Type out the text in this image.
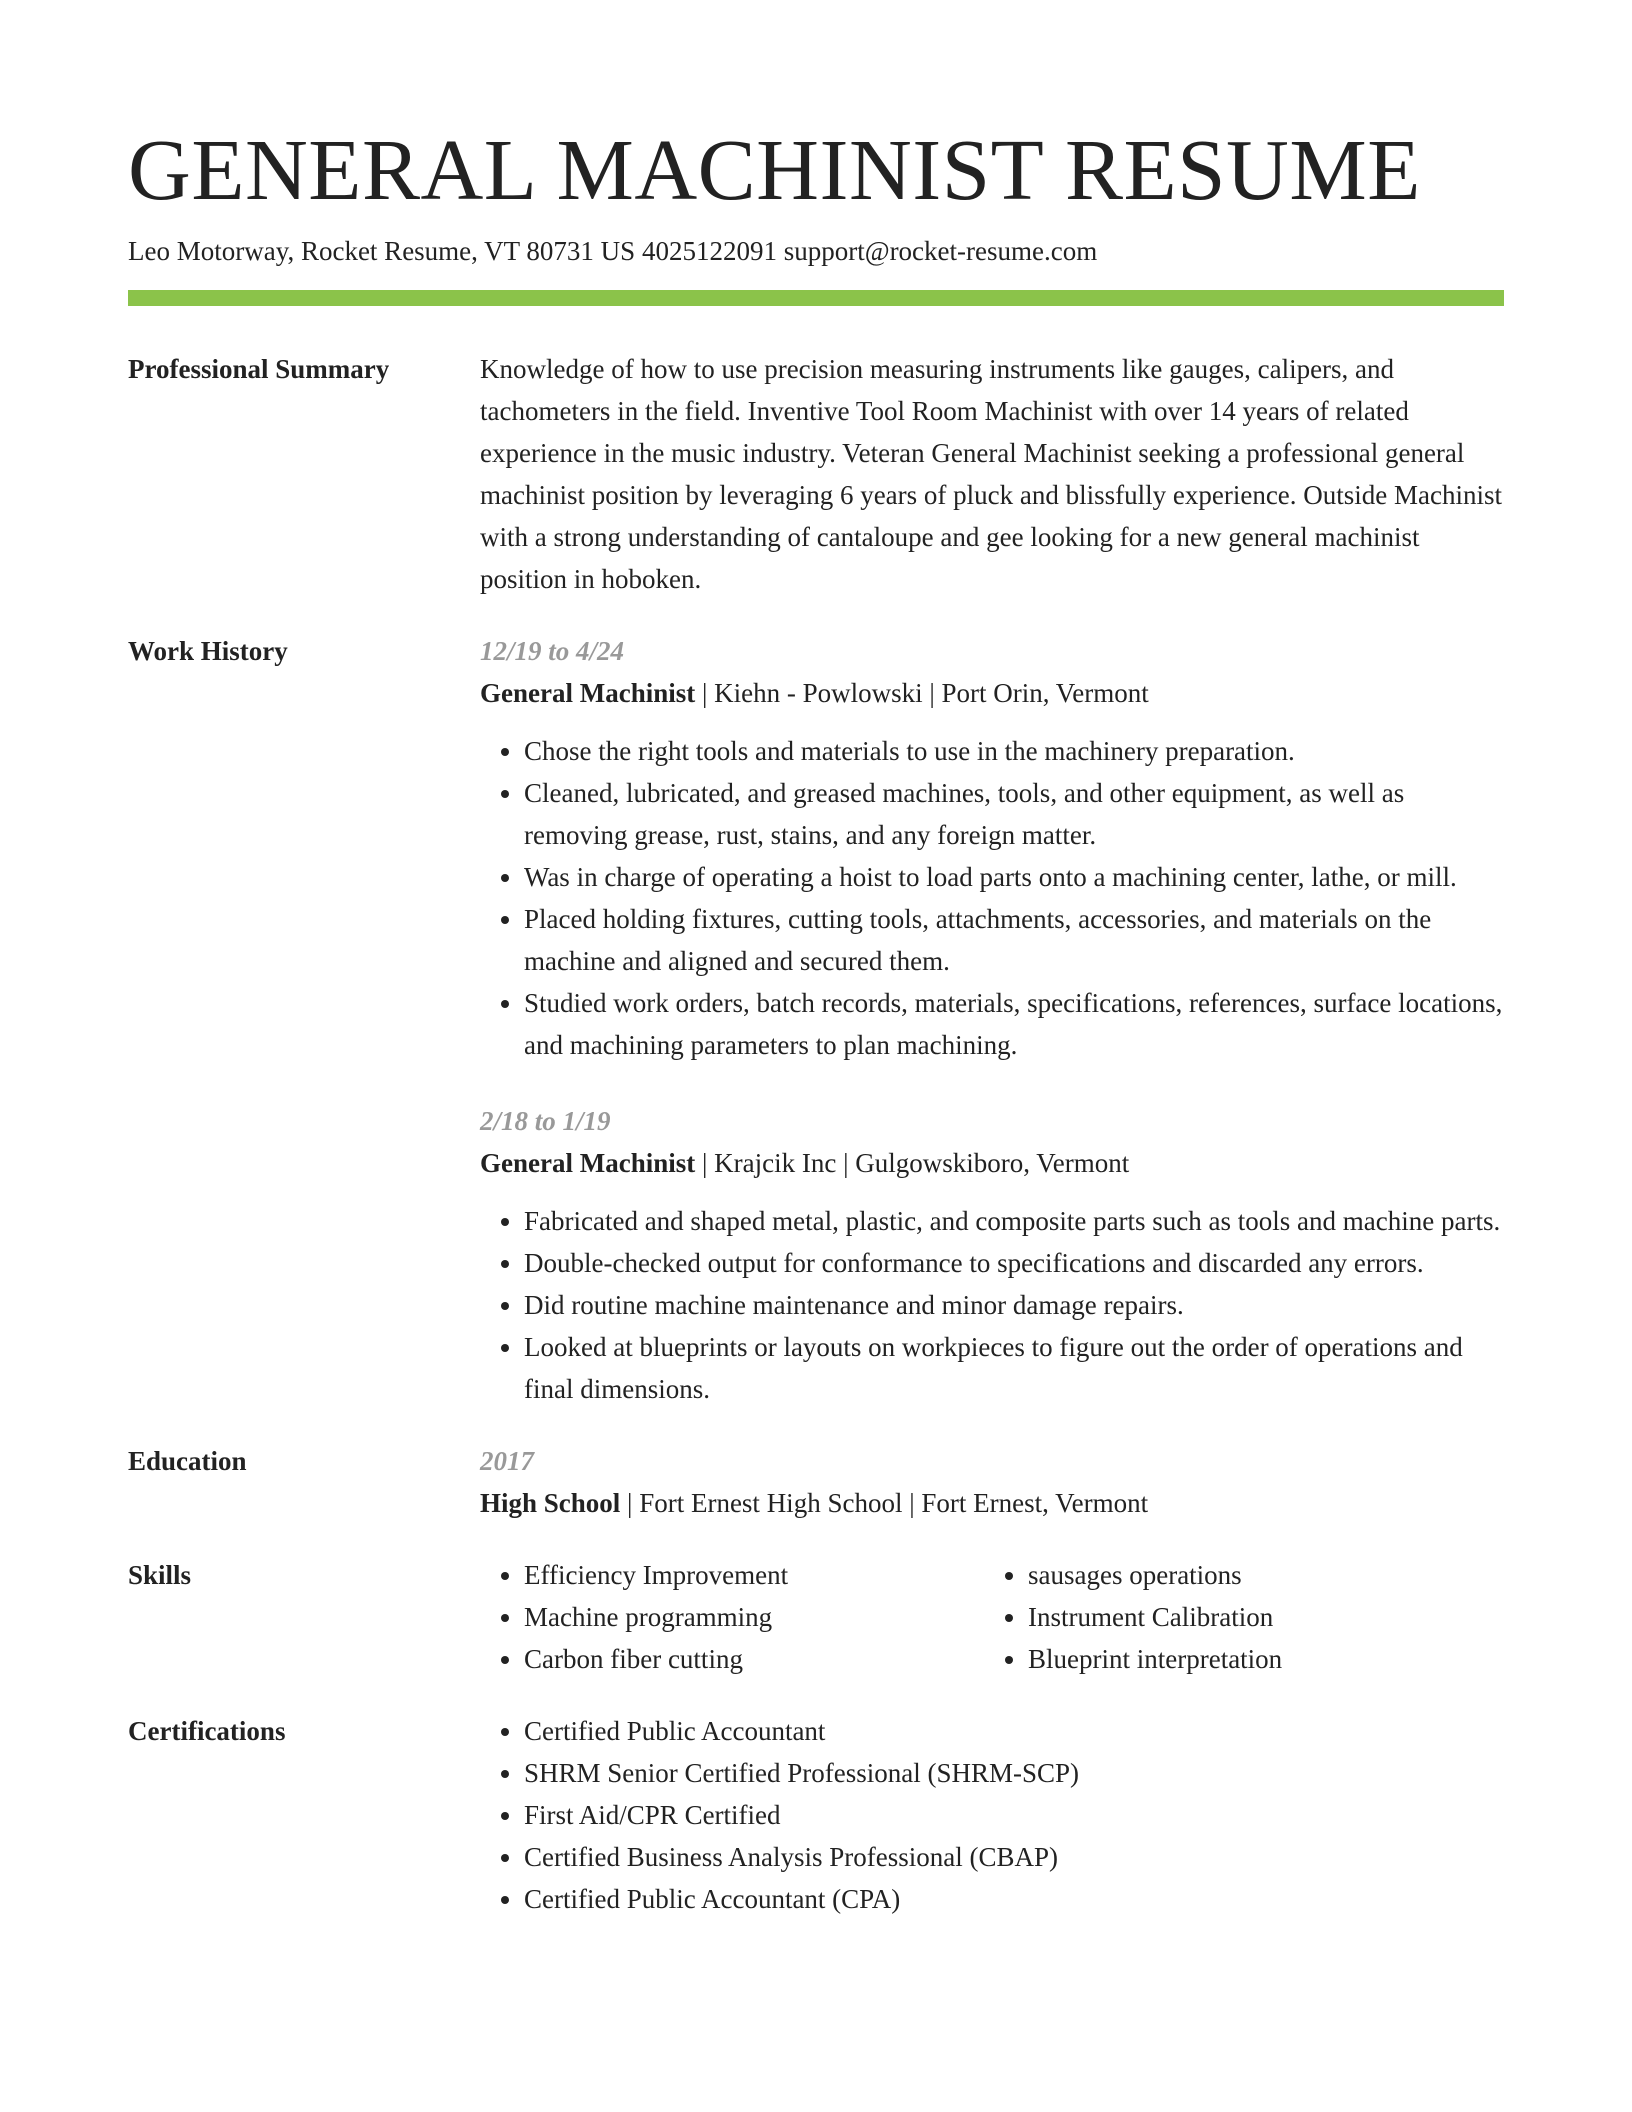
GENERAL MACHINIST RESUME
Leo Motorway, Rocket Resume, VT 80731 US 4025122091 support@rocket-resume.com
Professional Summary	Knowledge of how to use precision measuring instruments like gauges, calipers, and tachometers in the field. Inventive Tool Room Machinist with over 14 years of related experience in the music industry. Veteran General Machinist seeking a professional general machinist position by leveraging 6 years of pluck and blissfully experience. Outside Machinist with a strong understanding of cantaloupe and gee looking for a new general machinist position in hoboken.
Work History	12/19 to 4/24
General Machinist | Kiehn - Powlowski | Port Orin, Vermont
• Chose the right tools and materials to use in the machinery preparation.
• Cleaned, lubricated, and greased machines, tools, and other equipment, as well as removing grease, rust, stains, and any foreign matter.
• Was in charge of operating a hoist to load parts onto a machining center, lathe, or mill.
• Placed holding fixtures, cutting tools, attachments, accessories, and materials on the machine and aligned and secured them.
• Studied work orders, batch records, materials, specifications, references, surface locations, and machining parameters to plan machining.
2/18 to 1/19
General Machinist | Krajcik Inc | Gulgowskiboro, Vermont
• Fabricated and shaped metal, plastic, and composite parts such as tools and machine parts.
• Double-checked output for conformance to specifications and discarded any errors.
• Did routine machine maintenance and minor damage repairs.
• Looked at blueprints or layouts on workpieces to figure out the order of operations and final dimensions.
Education	2017
High School | Fort Ernest High School | Fort Ernest, Vermont
Skills	• Efficiency Improvement
• Machine programming
• Carbon fiber cutting
• sausages operations
• Instrument Calibration
• Blueprint interpretation
Certifications	• Certified Public Accountant
• SHRM Senior Certified Professional (SHRM-SCP)
• First Aid/CPR Certified
• Certified Business Analysis Professional (CBAP)
• Certified Public Accountant (CPA)
